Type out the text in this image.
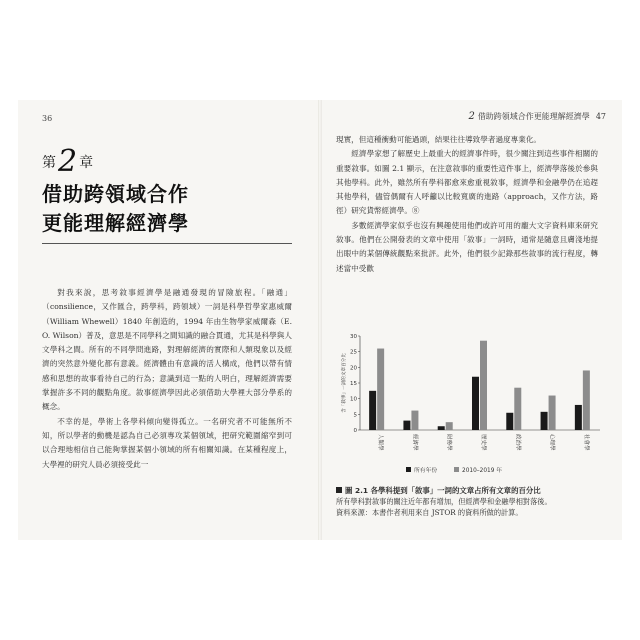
36
第2 章
借助跨領域合作
更能理解經濟學

對我來說，思考敘事經濟學是融通發現的冒險旅程。「融通」（consilience，又作匯合，跨學科，跨領域）一詞是科學哲學家惠威爾（William Whewell）1840 年創造的，1994 年由生物學家威爾森（E. O. Wilson）普及，意思是不同學科之間知識的融合貫通，尤其是科學與人文學科之間。所有的不同學問進路，對理解經濟的實際和人類現象以及經濟的突然意外變化都有意義。經濟體由有意識的活人構成，他們以帶有情感和思想的故事看待自己的行為；意識到這一點的人明白，理解經濟需要掌握許多不同的觀點角度。敘事經濟學因此必須借助大學裡大部分學系的概念。

不幸的是，學術上各學科傾向變得孤立。一名研究者不可能無所不知，所以學者的動機是認為自己必須專攻某個領域，把研究範圍縮窄到可以合理地相信自己能夠掌握某個小領域的所有相關知識。在某種程度上，大學裡的研究人員必須接受此一

2 借助跨領域合作更能理解經濟學 47

現實，但這種衝動可能過頭，結果往往導致學者過度專業化。

經濟學家想了解歷史上最重大的經濟事件時，很少關注到這些事件相關的重要敘事。如圖 2.1 顯示，在注意敘事的重要性這件事上，經濟學落後於參與其他學科。此外，雖然所有學科都愈來愈重視敘事，經濟學和金融學仍在追趕其他學科，儘管偶爾有人呼籲以比較寬廣的進路（approach，又作方法，路徑）研究貨幣經濟學。⑧

多數經濟學家似乎也沒有興趣使用他們或許可用的龐大文字資料庫來研究敘事。他們在公開發表的文章中使用「敘事」一詞時，通常是隨意且膚淺地提出眼中的某個傳統觀點來批評。此外，他們很少記錄那些敘事的流行程度，轉述當中受歡

0
5
10
15
20
25
30
含「敘事」一詞的文章百分比
人類學	經濟學	財務學	歷史學	政治學	心理學	社會學
所有年份	2010–2019 年
圖 2.1 各學科提到「敘事」一詞的文章占所有文章的百分比
所有學科對敘事的關注近年都有增加，但經濟學和金融學相對落後。
資料來源：本書作者利用來自 JSTOR 的資料所做的計算。
